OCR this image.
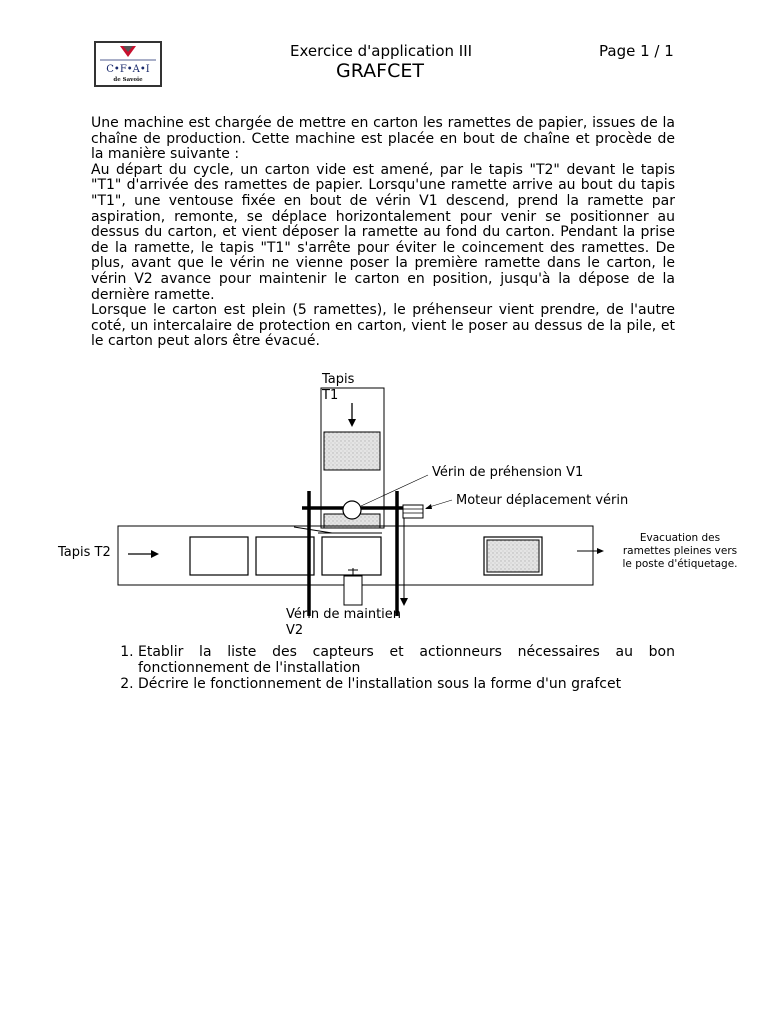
C•F•A•I
de Savoie
Exercice d'application III	Page 1 / 1
GRAFCET

Une machine est chargée de mettre en carton les ramettes de papier, issues de la chaîne de production. Cette machine est placée en bout de chaîne et procède de la manière suivante :

Au départ du cycle, un carton vide est amené, par le tapis "T2" devant le tapis "T1" d'arrivée des ramettes de papier. Lorsqu'une ramette arrive au bout du tapis "T1", une ventouse fixée en bout de vérin V1 descend, prend la ramette par aspiration, remonte, se déplace horizontalement pour venir se positionner au dessus du carton, et vient déposer la ramette au fond du carton. Pendant la prise de la ramette, le tapis "T1" s'arrête pour éviter le coincement des ramettes. De plus, avant que le vérin ne vienne poser la première ramette dans le carton, le vérin V2 avance pour maintenir le carton en position, jusqu'à la dépose de la dernière ramette.

Lorsque le carton est plein (5 ramettes), le préhenseur vient prendre, de l'autre coté, un intercalaire de protection en carton, vient le poser au dessus de la pile, et le carton peut alors être évacué.

Tapis
T1
Tapis T2
Vérin de préhension V1
Moteur déplacement vérin
Evacuation des
ramettes pleines vers
le poste d'étiquetage.
Vérin de maintien
V2
1. Etablir la liste des capteurs et actionneurs nécessaires au bon fonctionnement de l'installation
2. Décrire le fonctionnement de l'installation sous la forme d'un grafcet
